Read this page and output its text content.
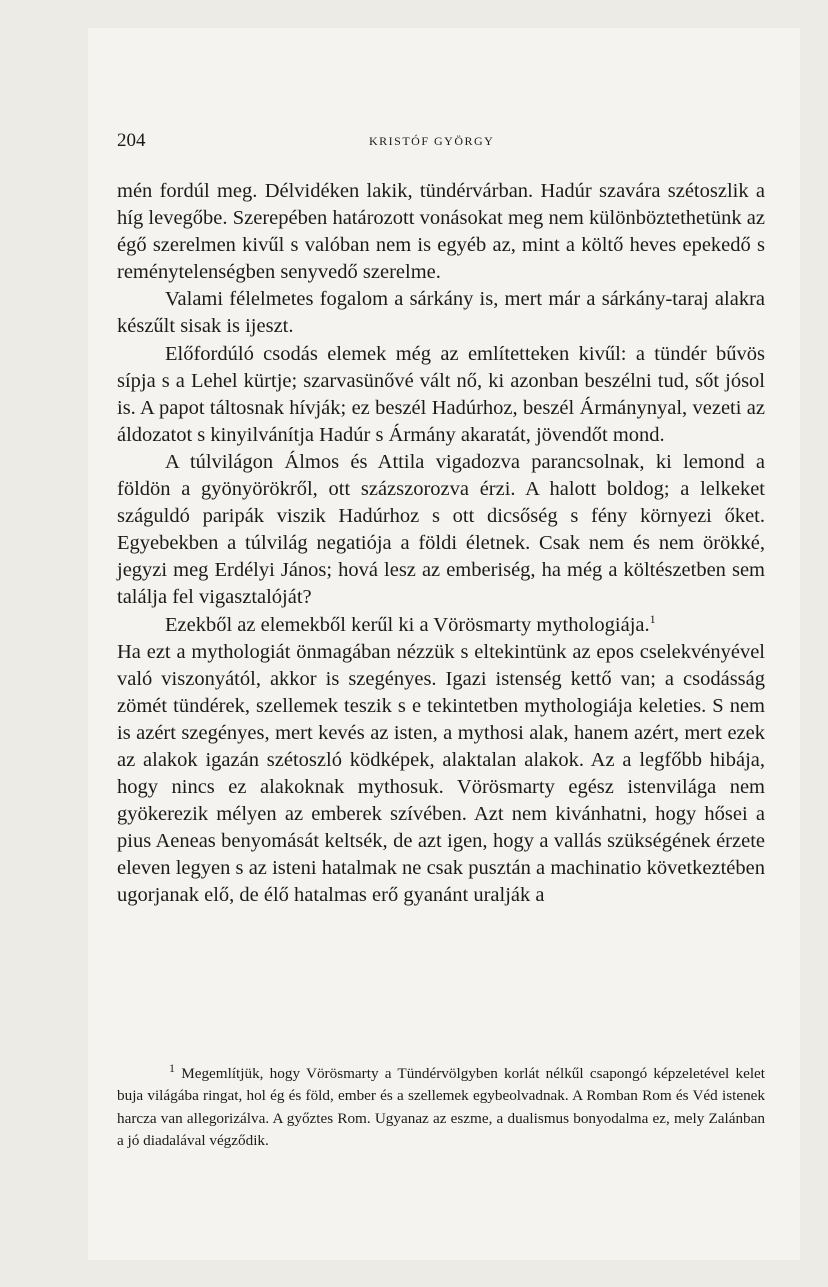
204	KRISTÓF GYÖRGY

mén fordúl meg. Délvidéken lakik, tündérvárban. Hadúr szavára szétoszlik a híg levegőbe. Szerepében határozott vonásokat meg nem különböztethetünk az égő szerelmen kivűl s valóban nem is egyéb az, mint a költő heves epekedő s reménytelenségben senyvedő szerelme.

Valami félelmetes fogalom a sárkány is, mert már a sárkány-taraj alakra készűlt sisak is ijeszt.

Előfordúló csodás elemek még az említetteken kivűl: a tündér bűvös sípja s a Lehel kürtje; szarvasünővé vált nő, ki azonban beszélni tud, sőt jósol is. A papot táltosnak hívják; ez beszél Hadúrhoz, beszél Ármánynyal, vezeti az áldozatot s kinyilvánítja Hadúr s Ármány akaratát, jövendőt mond.

A túlvilágon Álmos és Attila vigadozva parancsolnak, ki lemond a földön a gyönyörökről, ott százszorozva érzi. A halott boldog; a lelkeket száguldó paripák viszik Hadúrhoz s ott dicsőség s fény környezi őket. Egyebekben a túlvilág negatiója a földi életnek. Csak nem és nem örökké, jegyzi meg Erdélyi János; hová lesz az emberiség, ha még a költészetben sem találja fel vigasztalóját?

Ezekből az elemekből kerűl ki a Vörösmarty mythologiája.$^1$

Ha ezt a mythologiát önmagában nézzük s eltekintünk az epos cselekvényével való viszonyától, akkor is szegényes. Igazi istenség kettő van; a csodásság zömét tündérek, szellemek teszik s e tekintetben mythologiája keleties. S nem is azért szegényes, mert kevés az isten, a mythosi alak, hanem azért, mert ezek az alakok igazán szétoszló ködképek, alaktalan alakok. Az a legfőbb hibája, hogy nincs ez alakoknak mythosuk. Vörösmarty egész istenvilága nem gyökerezik mélyen az emberek szívében. Azt nem kivánhatni, hogy hősei a pius Aeneas benyomását keltsék, de azt igen, hogy a vallás szükségének érzete eleven legyen s az isteni hatalmak ne csak pusztán a machinatio következtében ugorjanak elő, de élő hatalmas erő gyanánt uralják a

$^1$ Megemlítjük, hogy Vörösmarty a Tündérvölgyben korlát nélkűl csapongó képzeletével kelet buja világába ringat, hol ég és föld, ember és a szellemek egybeolvadnak. A Romban Rom és Véd istenek harcza van allegorizálva. A győztes Rom. Ugyanaz az eszme, a dualismus bonyodalma ez, mely Zalánban a jó diadalával végződik.
